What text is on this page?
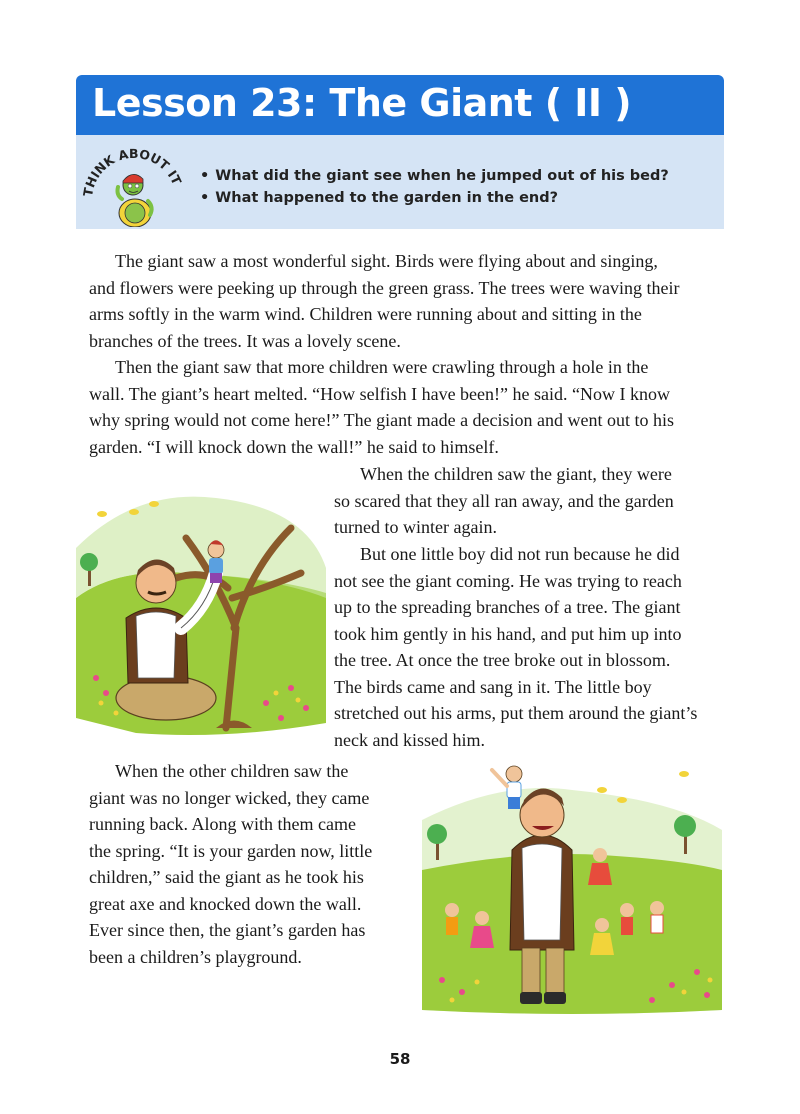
Lesson 23: The Giant ( II )
THINK ABOUT IT
•	What did the giant see when he jumped out of his bed?
• What happened to the garden in the end?

The giant saw a most wonderful sight. Birds were flying about and singing,
and flowers were peeking up through the green grass. The trees were waving their
arms softly in the warm wind. Children were running about and sitting in the
branches of the trees. It was a lovely scene.

Then the giant saw that more children were crawling through a hole in the
wall. The giant’s heart melted. “How selfish I have been!” he said. “Now I know
why spring would not come here!” The giant made a decision and went out to his
garden. “I will knock down the wall!” he said to himself.

When the children saw the giant, they were
so scared that they all ran away, and the garden
turned to winter again.

But one little boy did not run because he did
not see the giant coming. He was trying to reach
up to the spreading branches of a tree. The giant
took him gently in his hand, and put him up into
the tree. At once the tree broke out in blossom.
The birds came and sang in it. The little boy
stretched out his arms, put them around the giant’s
neck and kissed him.

When the other children saw the
giant was no longer wicked, they came
running back. Along with them came
the spring. “It is your garden now, little
children,” said the giant as he took his
great axe and knocked down the wall.
Ever since then, the giant’s garden has
been a children’s playground.

58
